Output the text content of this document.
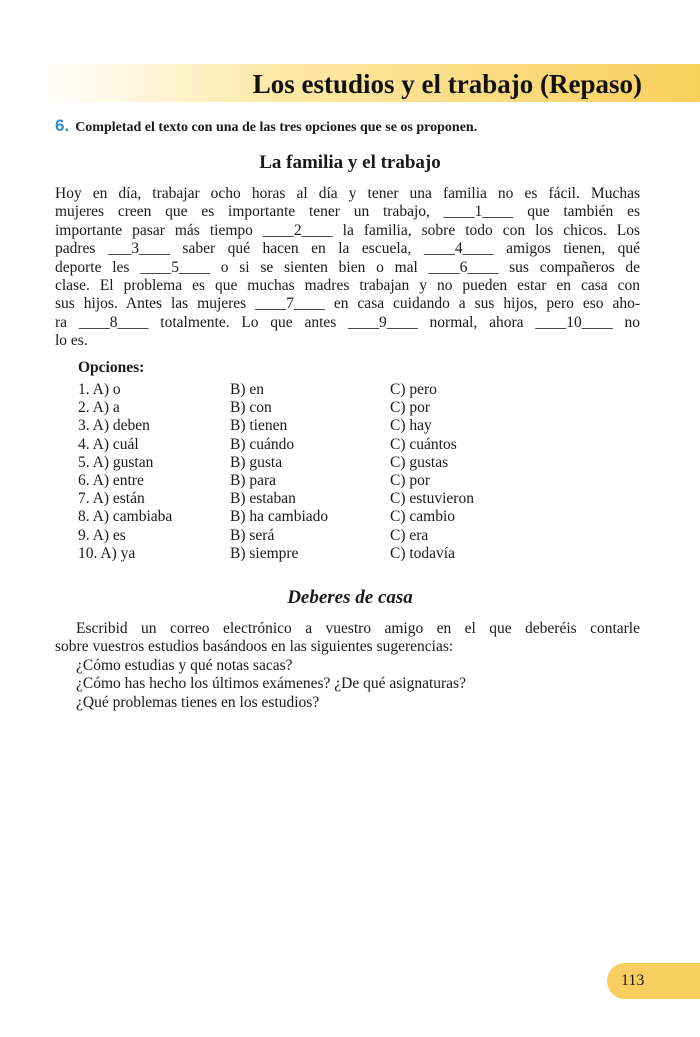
Los estudios y el trabajo (Repaso)
6. Completad el texto con una de las tres opciones que se os proponen.
La familia y el trabajo

Hoy en día, trabajar ocho horas al día y tener una familia no es fácil. Muchas

mujeres creen que es importante tener un trabajo, ____1____ que también es

importante pasar más tiempo ____2____ la familia, sobre todo con los chicos. Los

padres ___3____ saber qué hacen en la escuela, ____4____ amigos tienen, qué

deporte les ____5____ o si se sienten bien o mal ____6____ sus compañeros de

clase. El problema es que muchas madres trabajan y no pueden estar en casa con

sus hijos. Antes las mujeres ____7____ en casa cuidando a sus hijos, pero eso aho-

ra ____8____ totalmente. Lo que antes ____9____ normal, ahora ____10____ no

lo es.

Opciones:
1. A) o	B) en	C) pero
2. A) a	B) con	C) por
3. A) deben	B) tienen	C) hay
4. A) cuál	B) cuándo	C) cuántos
5. A) gustan	B) gusta	C) gustas
6. A) entre	B) para	C) por
7. A) están	B) estaban	C) estuvieron
8. A) cambiaba	B) ha cambiado	C) cambio
9. A) es	B) será	C) era
10. A) ya	B) siempre	C) todavía
Deberes de casa

Escribid un correo electrónico a vuestro amigo en el que deberéis contarle

sobre vuestros estudios basándoos en las siguientes sugerencias:

¿Cómo estudias y qué notas sacas?

¿Cómo has hecho los últimos exámenes? ¿De qué asignaturas?

¿Qué problemas tienes en los estudios?

113
